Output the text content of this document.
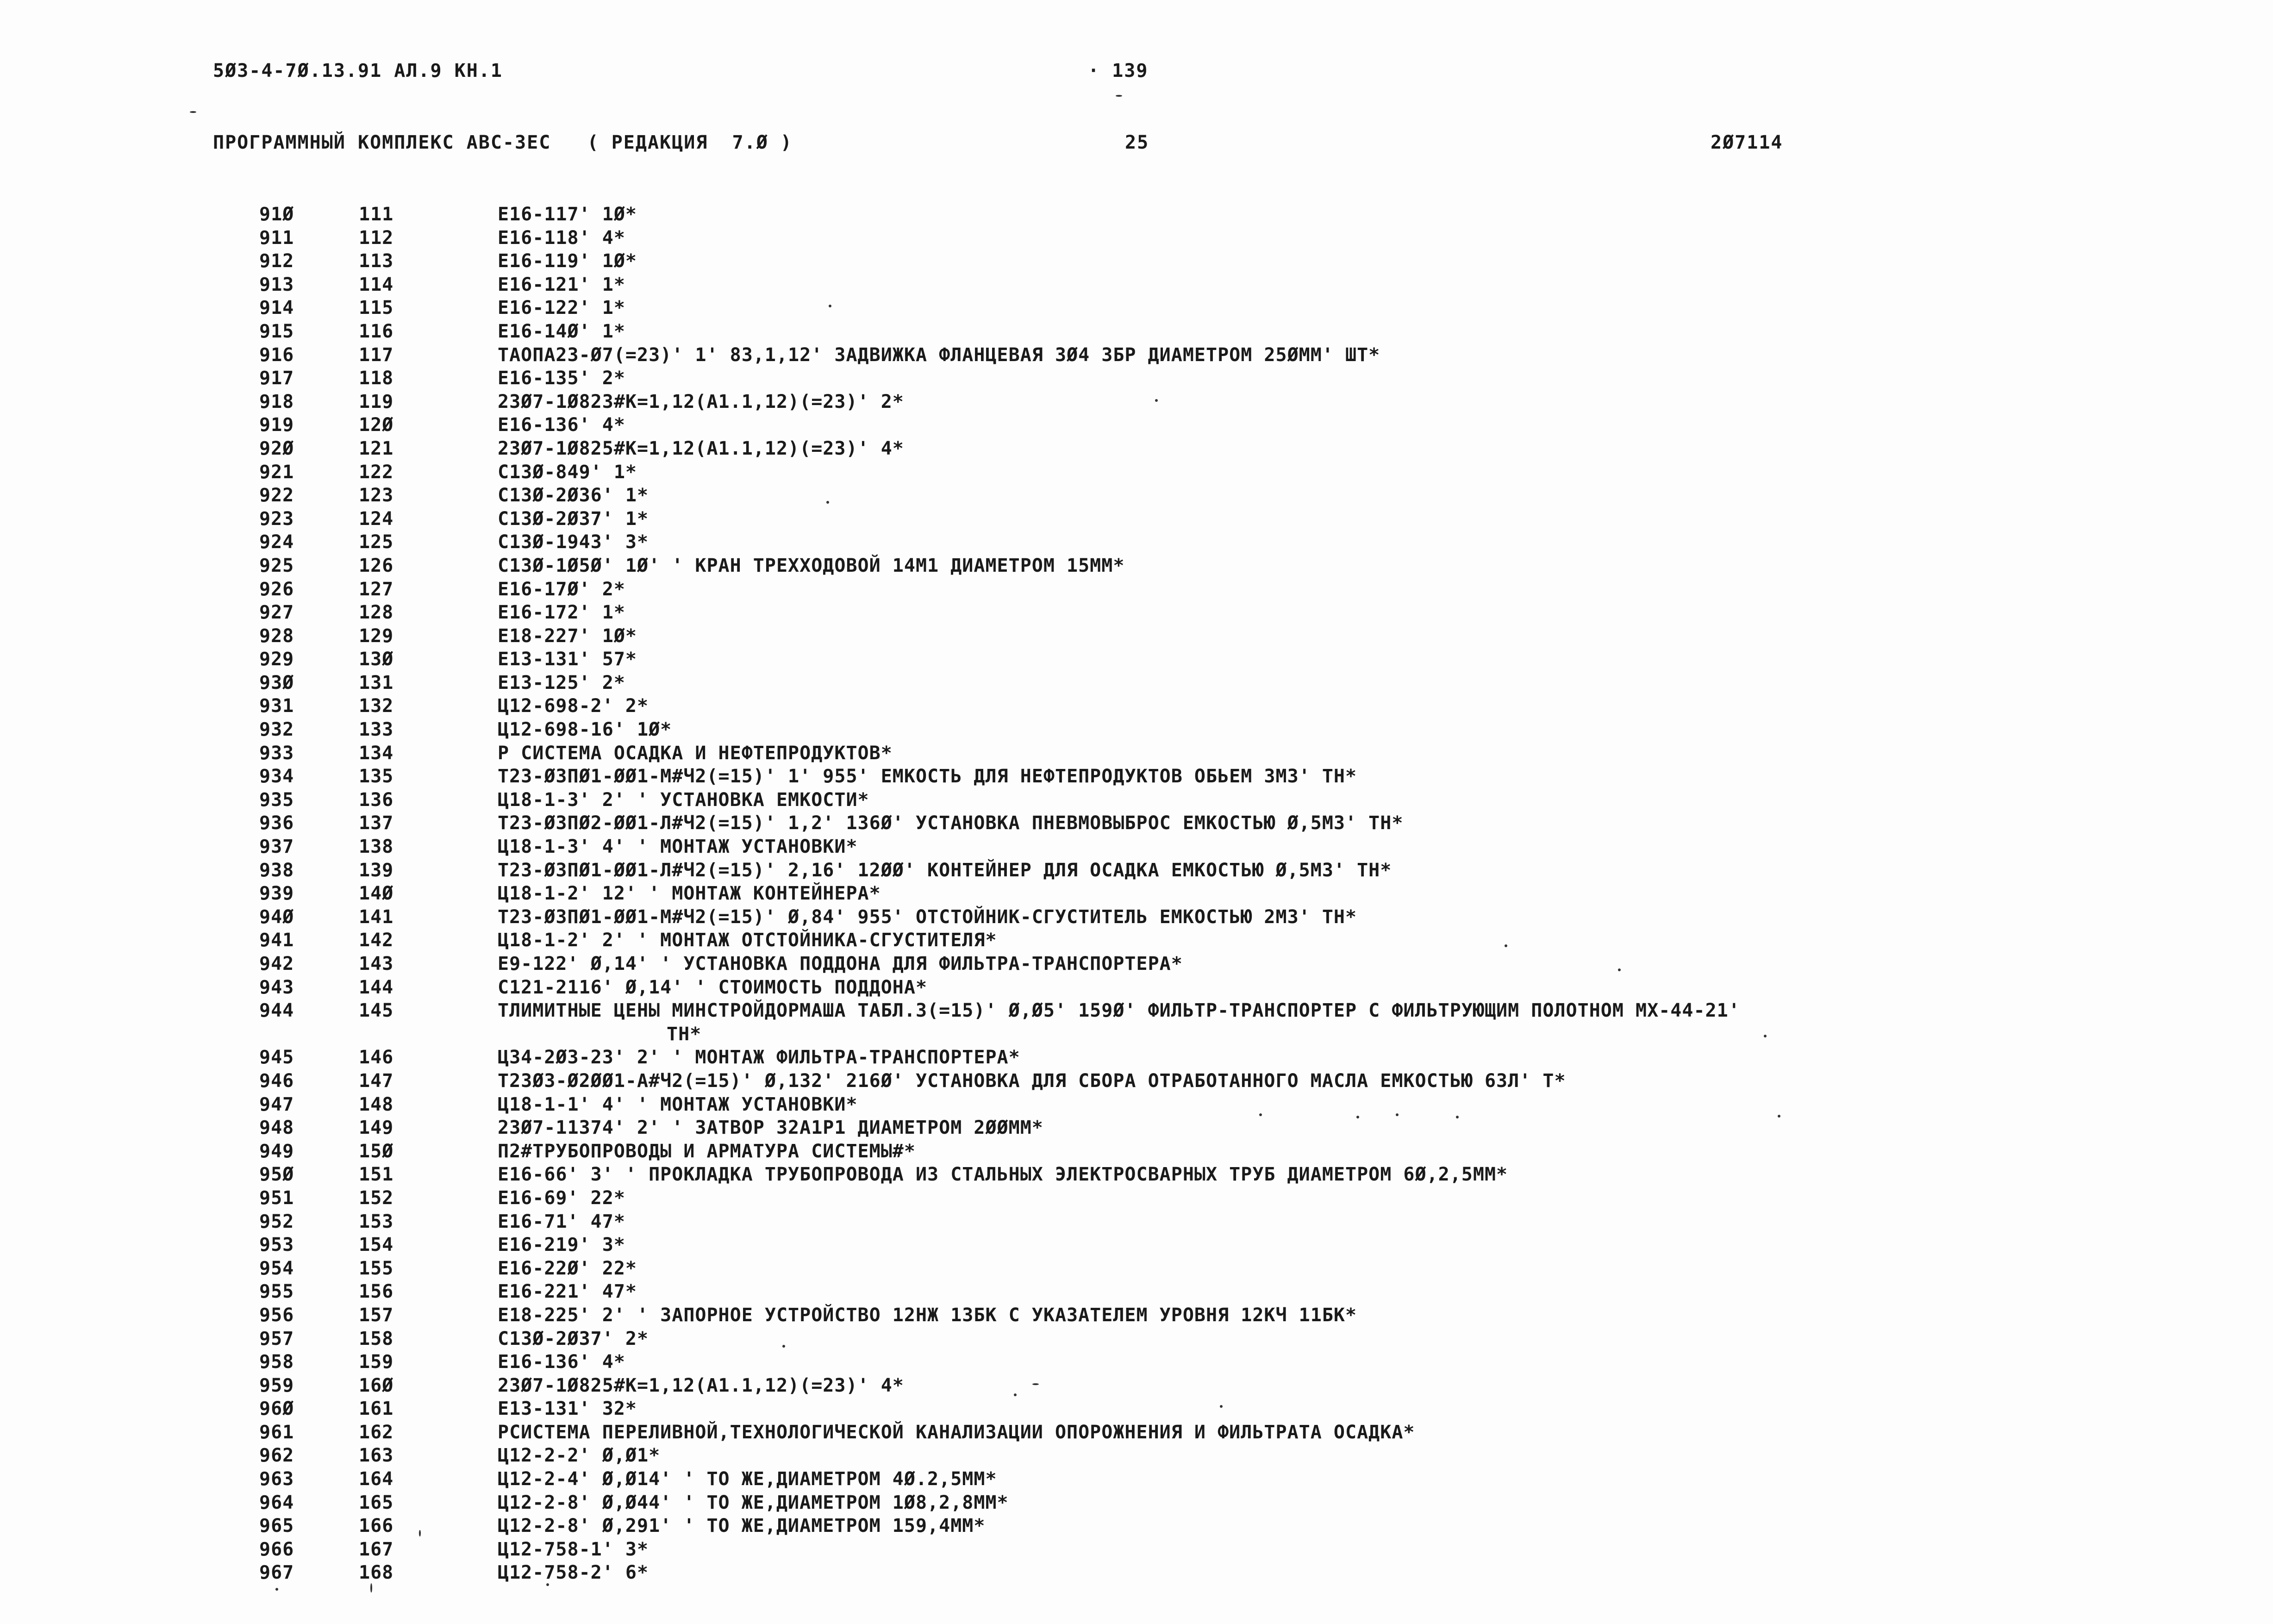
5Ø3-4-7Ø.13.91 АЛ.9 КН.1	· 139
ПРОГРАММНЫЙ КОМПЛЕКС АВС-3ЕС   ( РЕДАКЦИЯ  7.Ø )	25	2Ø7114
91Ø	111	Е16-117' 1Ø*
911	112	Е16-118' 4*
912	113	Е16-119' 1Ø*
913	114	Е16-121' 1*
914	115	Е16-122' 1*
915	116	Е16-14Ø' 1*
916	117	ТАОПА23-Ø7(=23)' 1' 83,1,12' ЗАДВИЖКА ФЛАНЦЕВАЯ 3Ø4 3БР ДИАМЕТРОМ 25ØММ' ШТ*
917	118	Е16-135' 2*
918	119	23Ø7-1Ø823#К=1,12(А1.1,12)(=23)' 2*
919	12Ø	Е16-136' 4*
92Ø	121	23Ø7-1Ø825#К=1,12(А1.1,12)(=23)' 4*
921	122	С13Ø-849' 1*
922	123	С13Ø-2Ø36' 1*
923	124	С13Ø-2Ø37' 1*
924	125	С13Ø-1943' 3*
925	126	С13Ø-1Ø5Ø' 1Ø' ' КРАН ТРЕХХОДОВОЙ 14М1 ДИАМЕТРОМ 15ММ*
926	127	Е16-17Ø' 2*
927	128	Е16-172' 1*
928	129	Е18-227' 1Ø*
929	13Ø	Е13-131' 57*
93Ø	131	Е13-125' 2*
931	132	Ц12-698-2' 2*
932	133	Ц12-698-16' 1Ø*
933	134	Р СИСТЕМА ОСАДКА И НЕФТЕПРОДУКТОВ*
934	135	Т23-Ø3ПØ1-ØØ1-М#Ч2(=15)' 1' 955' ЕМКОСТЬ ДЛЯ НЕФТЕПРОДУКТОВ ОБЬЕМ 3М3' ТН*
935	136	Ц18-1-3' 2' ' УСТАНОВКА ЕМКОСТИ*
936	137	Т23-Ø3ПØ2-ØØ1-Л#Ч2(=15)' 1,2' 136Ø' УСТАНОВКА ПНЕВМОВЫБРОС ЕМКОСТЬЮ Ø,5М3' ТН*
937	138	Ц18-1-3' 4' ' МОНТАЖ УСТАНОВКИ*
938	139	Т23-Ø3ПØ1-ØØ1-Л#Ч2(=15)' 2,16' 12ØØ' КОНТЕЙНЕР ДЛЯ ОСАДКА ЕМКОСТЬЮ Ø,5М3' ТН*
939	14Ø	Ц18-1-2' 12' ' МОНТАЖ КОНТЕЙНЕРА*
94Ø	141	Т23-Ø3ПØ1-ØØ1-М#Ч2(=15)' Ø,84' 955' ОТСТОЙНИК-СГУСТИТЕЛЬ ЕМКОСТЬЮ 2М3' ТН*
941	142	Ц18-1-2' 2' ' МОНТАЖ ОТСТОЙНИКА-СГУСТИТЕЛЯ*
942	143	Е9-122' Ø,14' ' УСТАНОВКА ПОДДОНА ДЛЯ ФИЛЬТРА-ТРАНСПОРТЕРА*
943	144	С121-2116' Ø,14' ' СТОИМОСТЬ ПОДДОНА*
944	145	ТЛИМИТНЫЕ ЦЕНЫ МИНСТРОЙДОРМАША ТАБЛ.3(=15)' Ø,Ø5' 159Ø' ФИЛЬТР-ТРАНСПОРТЕР С ФИЛЬТРУЮЩИМ ПОЛОТНОМ МХ-44-21'
ТН*
945	146	Ц34-2Ø3-23' 2' ' МОНТАЖ ФИЛЬТРА-ТРАНСПОРТЕРА*
946	147	Т23Ø3-Ø2ØØ1-А#Ч2(=15)' Ø,132' 216Ø' УСТАНОВКА ДЛЯ СБОРА ОТРАБОТАННОГО МАСЛА ЕМКОСТЬЮ 63Л' Т*
947	148	Ц18-1-1' 4' ' МОНТАЖ УСТАНОВКИ*
948	149	23Ø7-11374' 2' ' ЗАТВОР 32А1Р1 ДИАМЕТРОМ 2ØØММ*
949	15Ø	П2#ТРУБОПРОВОДЫ И АРМАТУРА СИСТЕМЫ#*
95Ø	151	Е16-66' 3' ' ПРОКЛАДКА ТРУБОПРОВОДА ИЗ СТАЛЬНЫХ ЭЛЕКТРОСВАРНЫХ ТРУБ ДИАМЕТРОМ 6Ø,2,5ММ*
951	152	Е16-69' 22*
952	153	Е16-71' 47*
953	154	Е16-219' 3*
954	155	Е16-22Ø' 22*
955	156	Е16-221' 47*
956	157	Е18-225' 2' ' ЗАПОРНОЕ УСТРОЙСТВО 12НЖ 13БК С УКАЗАТЕЛЕМ УРОВНЯ 12КЧ 11БК*
957	158	С13Ø-2Ø37' 2*
958	159	Е16-136' 4*
959	16Ø	23Ø7-1Ø825#К=1,12(А1.1,12)(=23)' 4*
96Ø	161	Е13-131' 32*
961	162	РСИСТЕМА ПЕРЕЛИВНОЙ,ТЕХНОЛОГИЧЕСКОЙ КАНАЛИЗАЦИИ ОПОРОЖНЕНИЯ И ФИЛЬТРАТА ОСАДКА*
962	163	Ц12-2-2' Ø,Ø1*
963	164	Ц12-2-4' Ø,Ø14' ' ТО ЖЕ,ДИАМЕТРОМ 4Ø.2,5ММ*
964	165	Ц12-2-8' Ø,Ø44' ' ТО ЖЕ,ДИАМЕТРОМ 1Ø8,2,8ММ*
965	166	Ц12-2-8' Ø,291' ' ТО ЖЕ,ДИАМЕТРОМ 159,4ММ*
966	167	Ц12-758-1' 3*
967	168	Ц12-758-2' 6*
